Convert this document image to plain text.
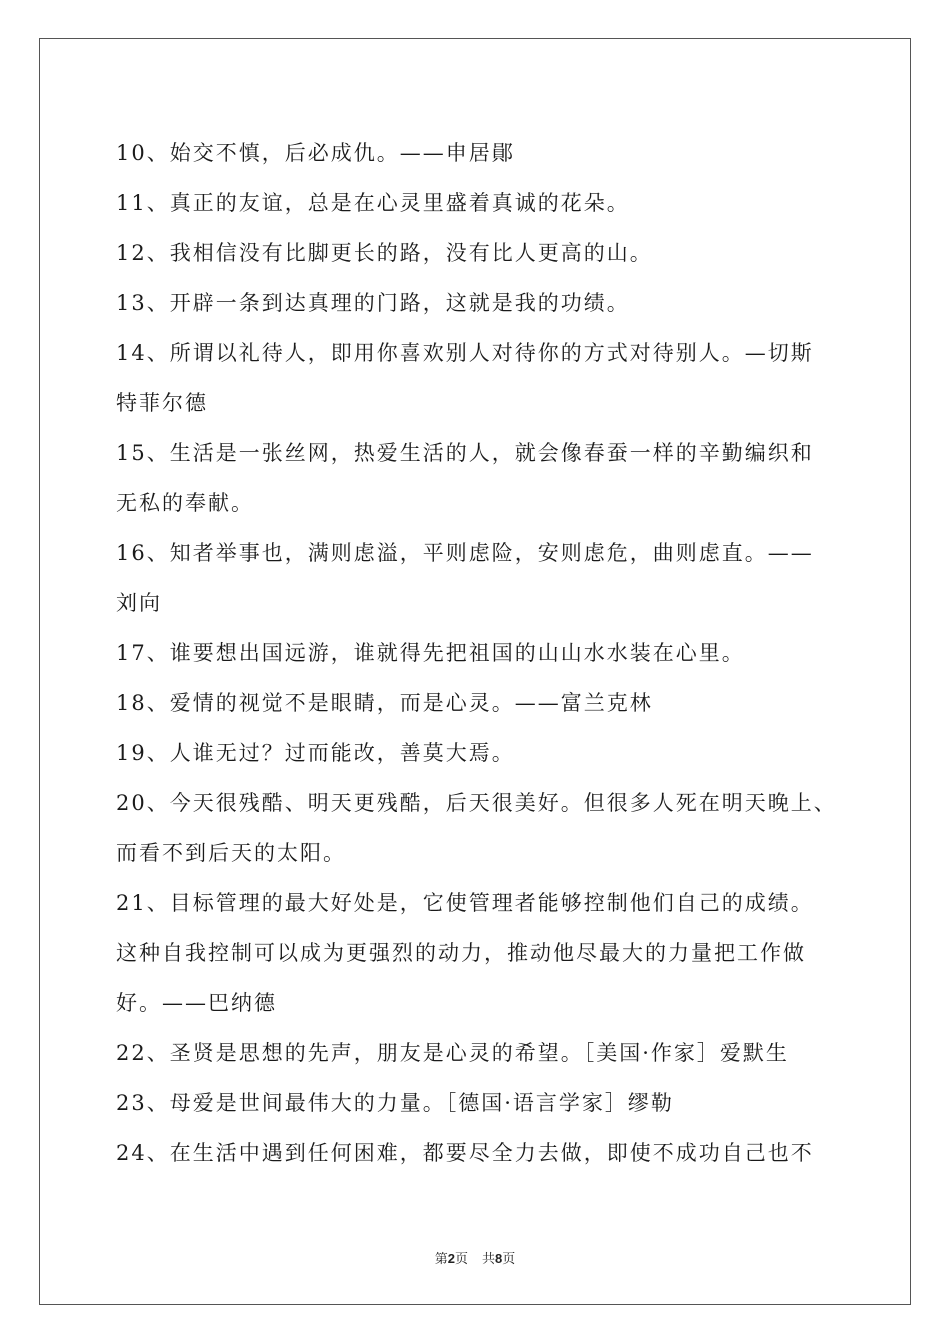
10、始交不慎，后必成仇。——申居鄖

11、真正的友谊，总是在心灵里盛着真诚的花朵。

12、我相信没有比脚更长的路，没有比人更高的山。

13、开辟一条到达真理的门路，这就是我的功绩。

14、所谓以礼待人，即用你喜欢别人对待你的方式对待别人。—切斯

特菲尔德

15、生活是一张丝网，热爱生活的人，就会像春蚕一样的辛勤编织和

无私的奉献。

16、知者举事也，满则虑溢，平则虑险，安则虑危，曲则虑直。——

刘向

17、谁要想出国远游，谁就得先把祖国的山山水水装在心里。

18、爱情的视觉不是眼睛，而是心灵。——富兰克林

19、人谁无过？过而能改，善莫大焉。

20、今天很残酷、明天更残酷，后天很美好。但很多人死在明天晚上、

而看不到后天的太阳。

21、目标管理的最大好处是，它使管理者能够控制他们自己的成绩。

这种自我控制可以成为更强烈的动力，推动他尽最大的力量把工作做

好。——巴纳德

22、圣贤是思想的先声，朋友是心灵的希望。［美国·作家］爱默生

23、母爱是世间最伟大的力量。［德国·语言学家］缪勒

24、在生活中遇到任何困难，都要尽全力去做，即使不成功自己也不

第2页 共8页
